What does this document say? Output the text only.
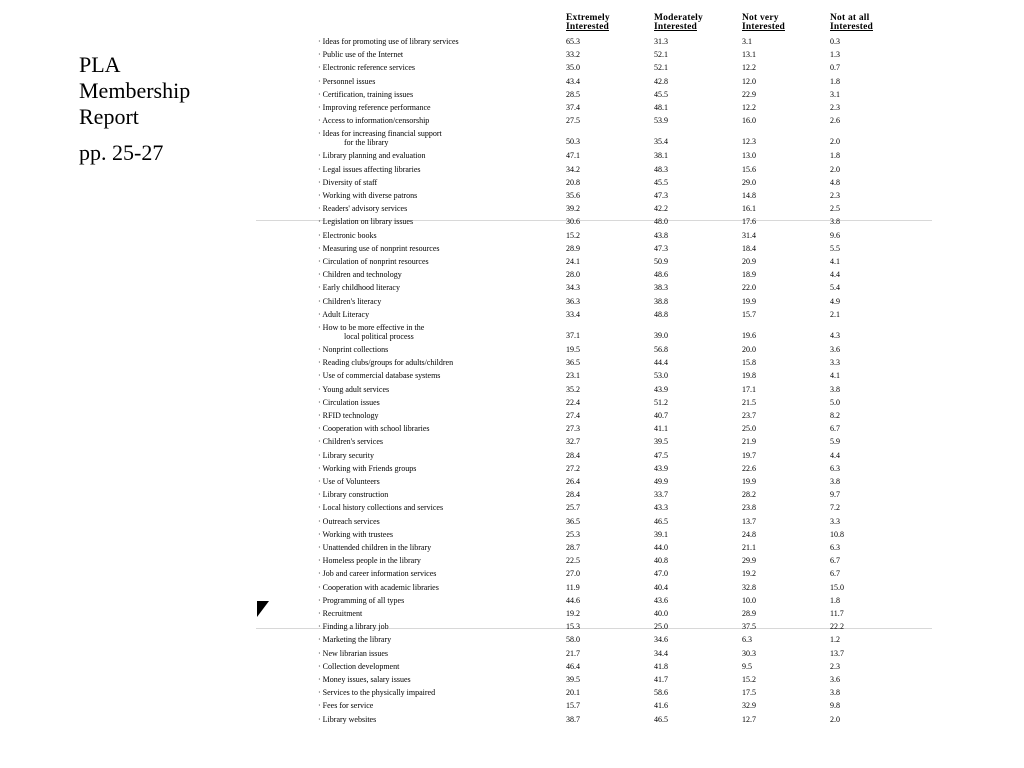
PLA
Membership
Report
pp. 25-27
Extremely
Interested
Moderately
Interested
Not very
Interested
Not at all
Interested
· Ideas for promoting use of library services	65.3	31.3	3.1	0.3
· Public use of the Internet	33.2	52.1	13.1	1.3
· Electronic reference services	35.0	52.1	12.2	0.7
· Personnel issues	43.4	42.8	12.0	1.8
· Certification, training issues	28.5	45.5	22.9	3.1
· Improving reference performance	37.4	48.1	12.2	2.3
· Access to information/censorship	27.5	53.9	16.0	2.6
· Ideas for increasing financial support
for the library	50.3	35.4	12.3	2.0
· Library planning and evaluation	47.1	38.1	13.0	1.8
· Legal issues affecting libraries	34.2	48.3	15.6	2.0
· Diversity of staff	20.8	45.5	29.0	4.8
· Working with diverse patrons	35.6	47.3	14.8	2.3
· Readers' advisory services	39.2	42.2	16.1	2.5
· Legislation on library issues	30.6	48.0	17.6	3.8
· Electronic books	15.2	43.8	31.4	9.6
· Measuring use of nonprint resources	28.9	47.3	18.4	5.5
· Circulation of nonprint resources	24.1	50.9	20.9	4.1
· Children and technology	28.0	48.6	18.9	4.4
· Early childhood literacy	34.3	38.3	22.0	5.4
· Children's literacy	36.3	38.8	19.9	4.9
· Adult Literacy	33.4	48.8	15.7	2.1
· How to be more effective in the
local political process	37.1	39.0	19.6	4.3
· Nonprint collections	19.5	56.8	20.0	3.6
· Reading clubs/groups for adults/children	36.5	44.4	15.8	3.3
· Use of commercial database systems	23.1	53.0	19.8	4.1
· Young adult services	35.2	43.9	17.1	3.8
· Circulation issues	22.4	51.2	21.5	5.0
· RFID technology	27.4	40.7	23.7	8.2
· Cooperation with school libraries	27.3	41.1	25.0	6.7
· Children's services	32.7	39.5	21.9	5.9
· Library security	28.4	47.5	19.7	4.4
· Working with Friends groups	27.2	43.9	22.6	6.3
· Use of Volunteers	26.4	49.9	19.9	3.8
· Library construction	28.4	33.7	28.2	9.7
· Local history collections and services	25.7	43.3	23.8	7.2
· Outreach services	36.5	46.5	13.7	3.3
· Working with trustees	25.3	39.1	24.8	10.8
· Unattended children in the library	28.7	44.0	21.1	6.3
· Homeless people in the library	22.5	40.8	29.9	6.7
· Job and career information services	27.0	47.0	19.2	6.7
· Cooperation with academic libraries	11.9	40.4	32.8	15.0
· Programming of all types	44.6	43.6	10.0	1.8
· Recruitment	19.2	40.0	28.9	11.7
· Finding a library job	15.3	25.0	37.5	22.2
· Marketing the library	58.0	34.6	6.3	1.2
· New librarian issues	21.7	34.4	30.3	13.7
· Collection development	46.4	41.8	9.5	2.3
· Money issues, salary issues	39.5	41.7	15.2	3.6
· Services to the physically impaired	20.1	58.6	17.5	3.8
· Fees for service	15.7	41.6	32.9	9.8
· Library websites	38.7	46.5	12.7	2.0
